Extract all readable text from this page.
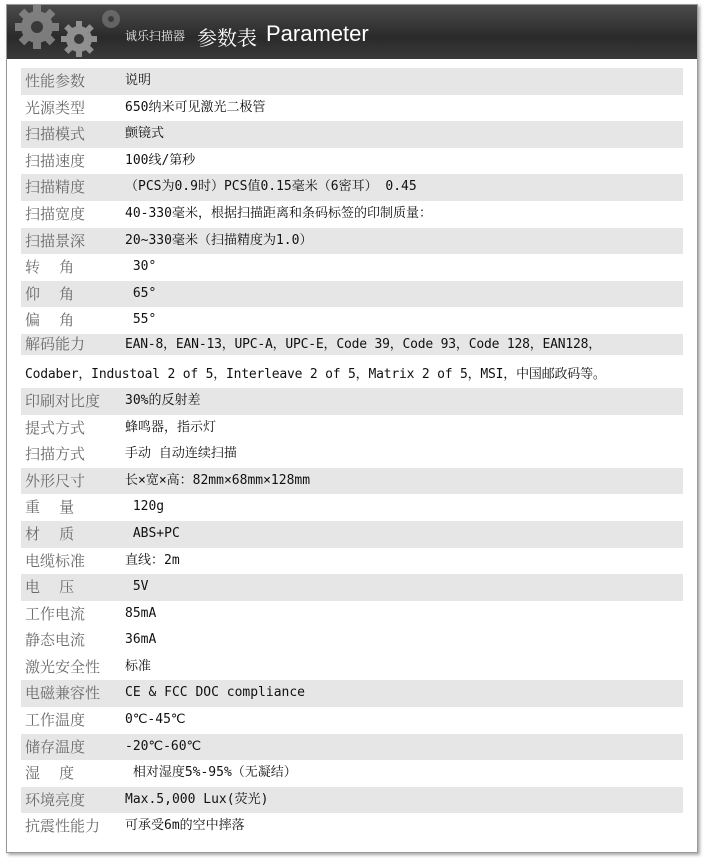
诚乐扫描器 参数表 Parameter
性能参数	说明
光源类型	650纳米可见激光二极管
扫描模式	颤镜式
扫描速度	100线/第秒
扫描精度	（PCS为0.9时）PCS值0.15毫米（6密耳） 0.45
扫描宽度	40-330毫米，根据扫描距离和条码标签的印制质量：
扫描景深	20~330毫米（扫描精度为1.0）
转    角	30°
仰    角	65°
偏    角	55°
解码能力	EAN-8，EAN-13，UPC-A，UPC-E，Code 39，Code 93，Code 128，EAN128，
Codaber，Industoal 2 of 5，Interleave 2 of 5，Matrix 2 of 5，MSI，中国邮政码等。
印刷对比度 30%的反射差
提式方式	蜂鸣器，指示灯
扫描方式	手动 自动连续扫描
外形尺寸	长×宽×高：82mm×68mm×128mm
重    量	120g
材    质	ABS+PC
电缆标准	直线：2m
电    压	5V
工作电流	85mA
静态电流	36mA
激光安全性 标准
电磁兼容性 CE & FCC DOC compliance
工作温度	0℃-45℃
储存温度	-20℃-60℃
湿    度	相对湿度5%-95%（无凝结）
环境亮度	Max.5,000 Lux(荧光)
抗震性能力 可承受6m的空中摔落
